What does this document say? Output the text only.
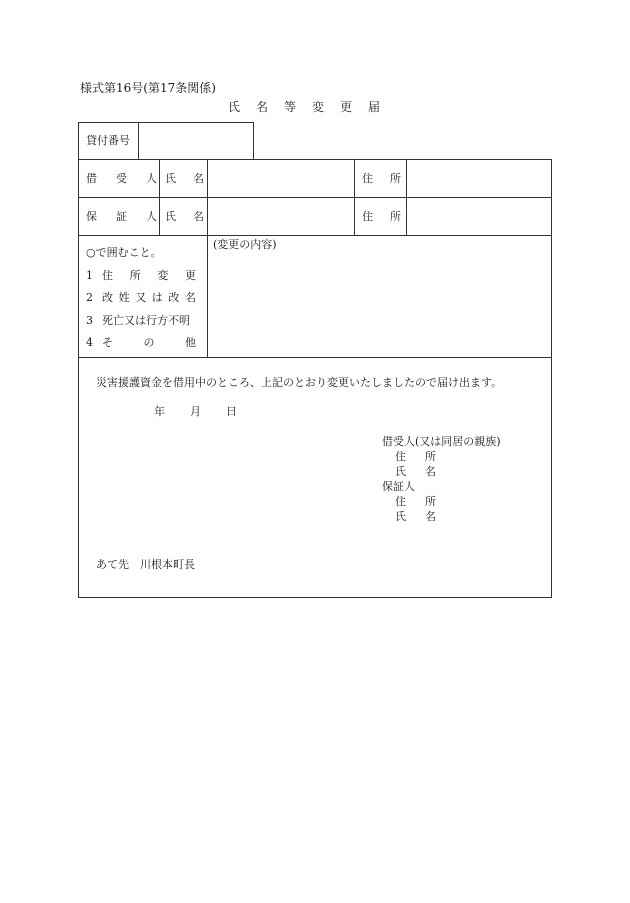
様式第16号(第17条関係)
氏　名　等　変　更　届
貸付番号
借　受　人 氏　名	住　所
保　証　人 氏　名	住　所
○で囲むこと。
1 住 所 変 更
2 改 姓 又 は 改 名
3 死亡又は行方不明
4 そ	の	他
(変更の内容)
災害援護資金を借用中のところ、上記のとおり変更いたしましたので届け出ます。
年 月 日
借受人(又は同居の親族)
住　所
氏　名
保証人
住　所
氏　名
あて先　川根本町長
